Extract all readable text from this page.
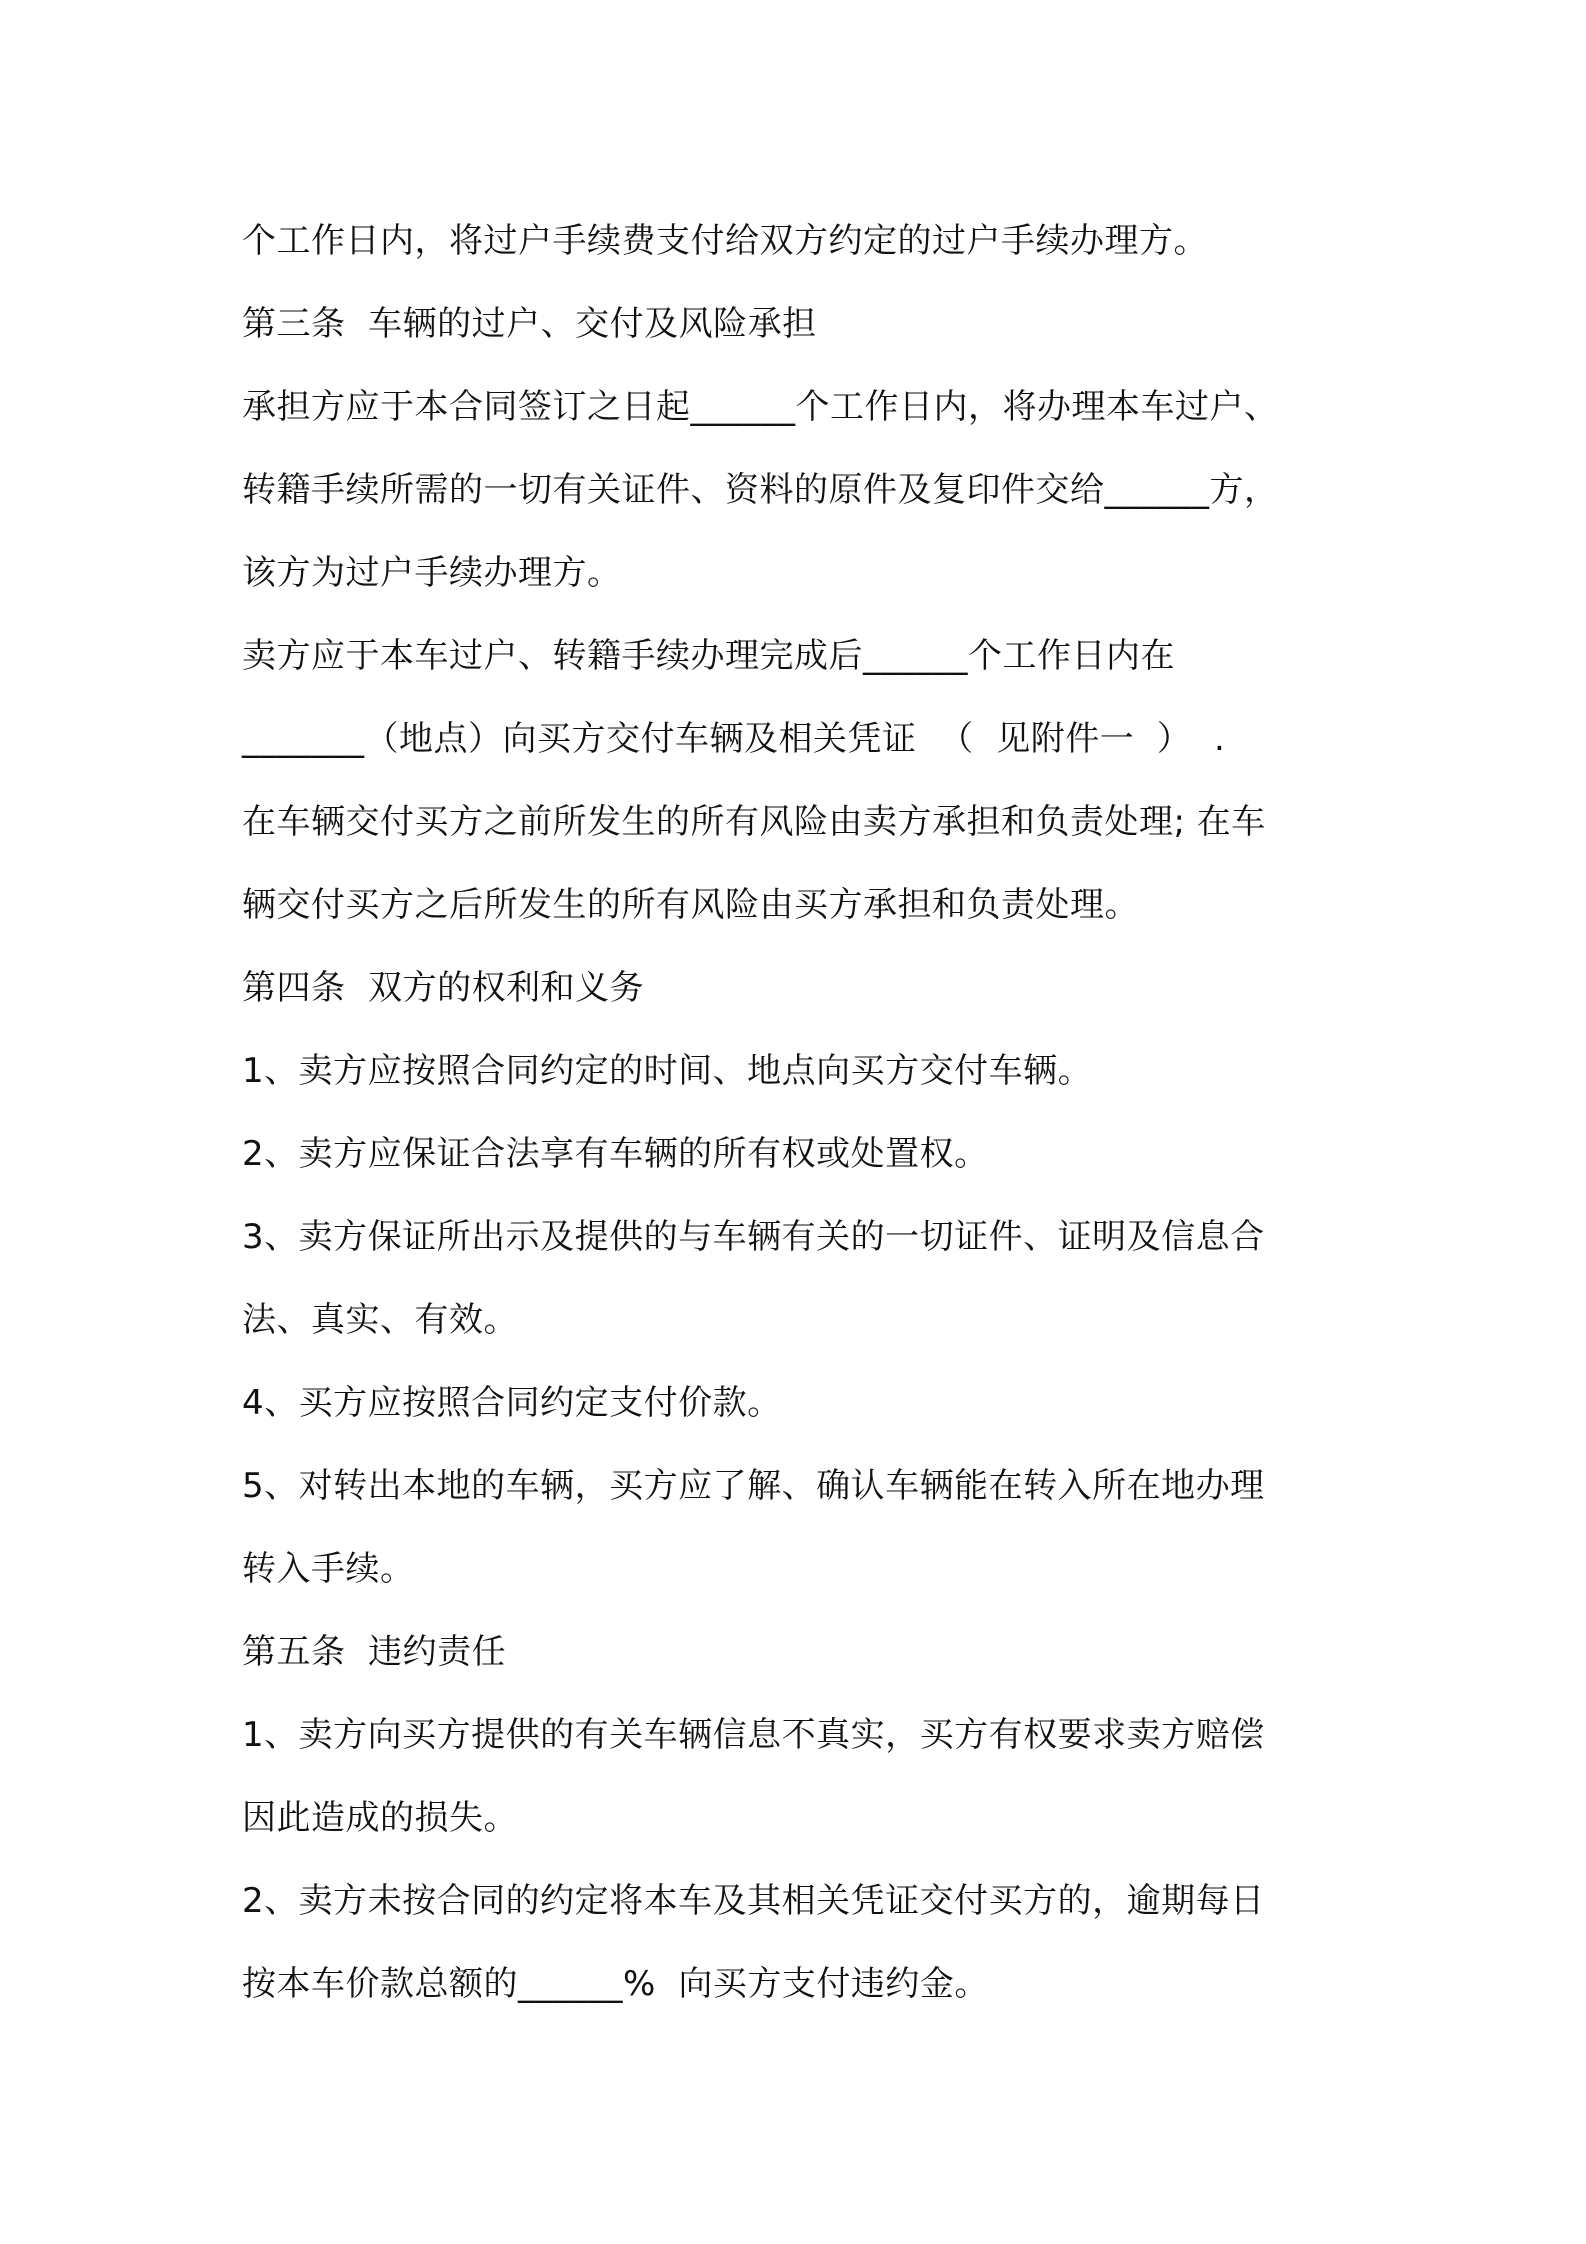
个工作日内，将过户手续费支付给双方约定的过户手续办理方。
第三条  车辆的过户、交付及风险承担
承担方应于本合同签订之日起______个工作日内，将办理本车过户、
转籍手续所需的一切有关证件、资料的原件及复印件交给______方，
该方为过户手续办理方。
卖方应于本车过户、转籍手续办理完成后______个工作日内在
_______（地点）向买方交付车辆及相关凭证  （  见附件一  ）  .
在车辆交付买方之前所发生的所有风险由卖方承担和负责处理; 在车
辆交付买方之后所发生的所有风险由买方承担和负责处理。
第四条  双方的权利和义务
1、卖方应按照合同约定的时间、地点向买方交付车辆。
2、卖方应保证合法享有车辆的所有权或处置权。
3、卖方保证所出示及提供的与车辆有关的一切证件、证明及信息合
法、真实、有效。
4、买方应按照合同约定支付价款。
5、对转出本地的车辆，买方应了解、确认车辆能在转入所在地办理
转入手续。
第五条  违约责任
1、卖方向买方提供的有关车辆信息不真实，买方有权要求卖方赔偿
因此造成的损失。
2、卖方未按合同的约定将本车及其相关凭证交付买方的，逾期每日
按本车价款总额的______%  向买方支付违约金。
